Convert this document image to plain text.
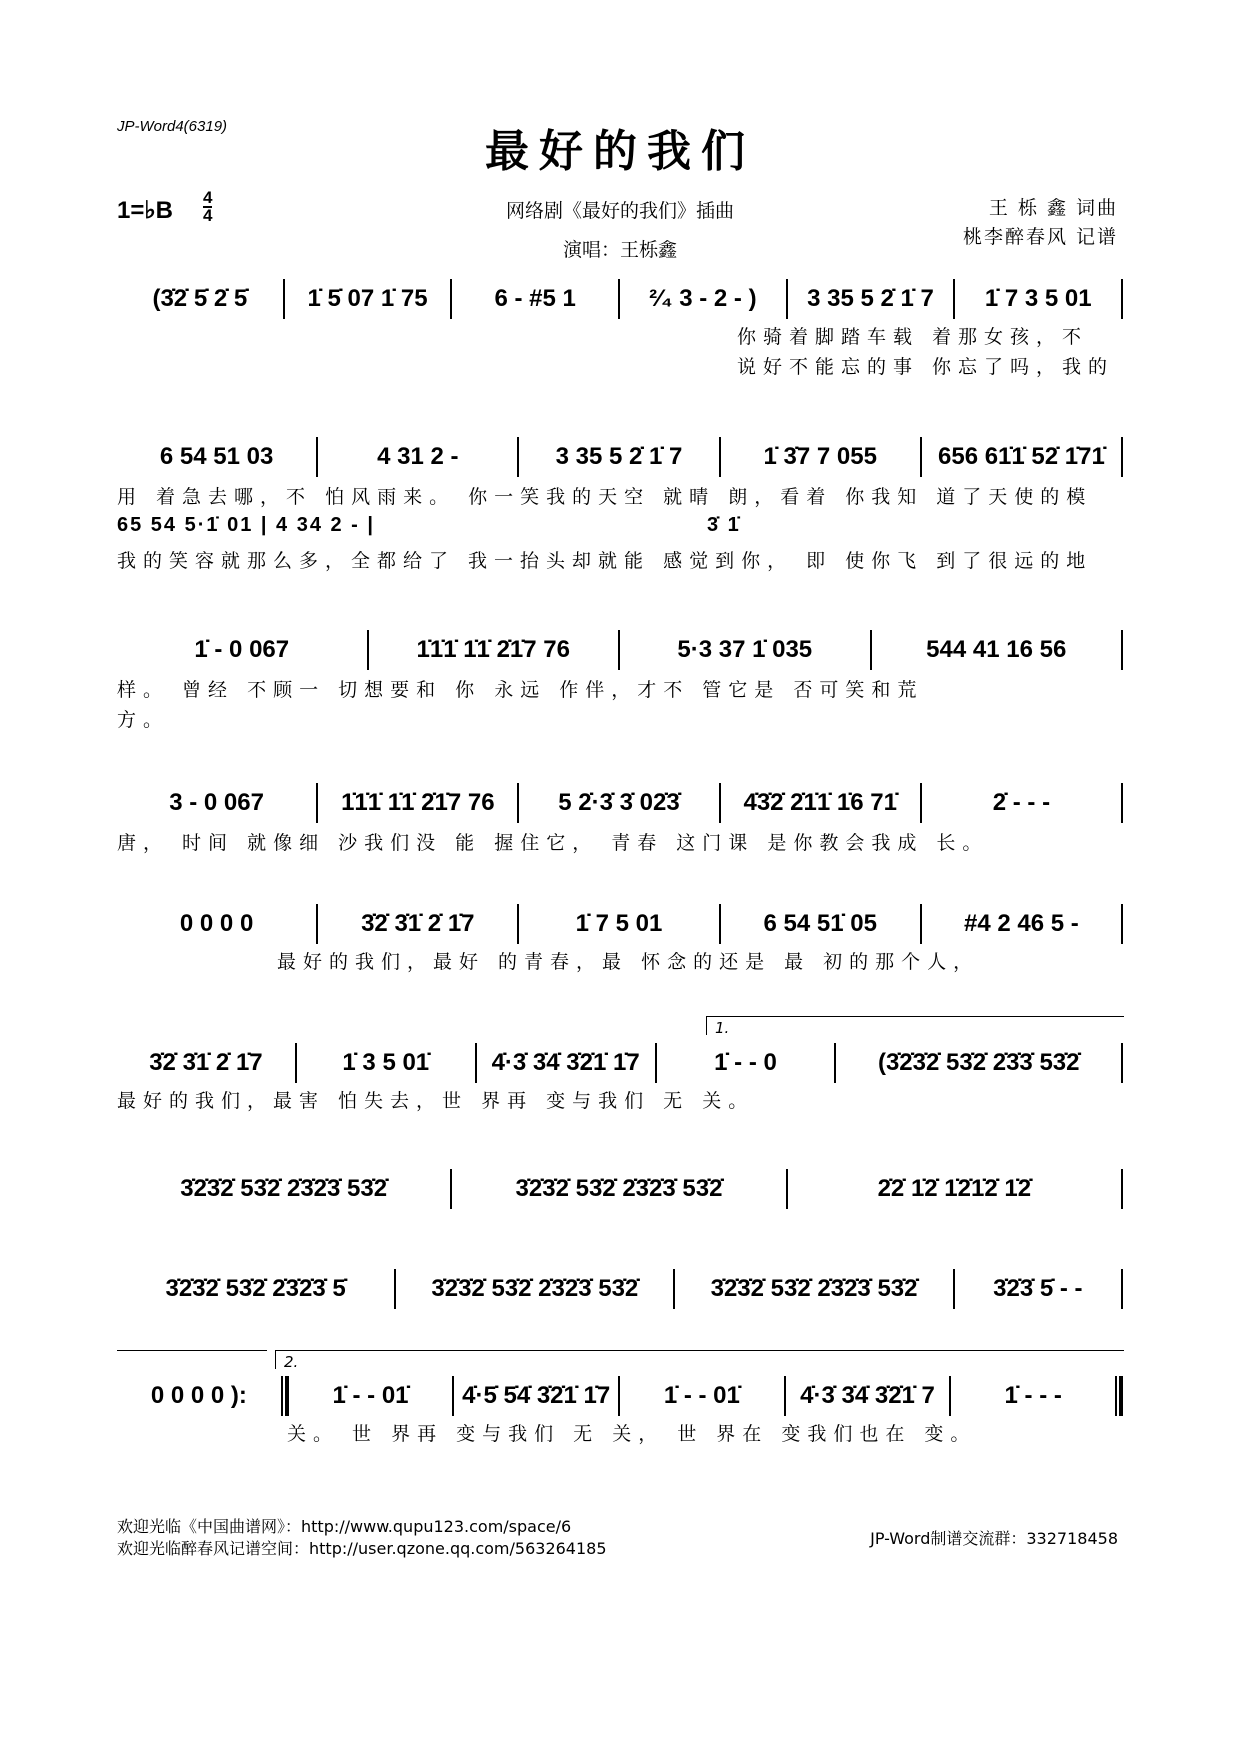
JP-Word4(6319)	最好的我们
1=♭B 4
4	网络剧《最好的我们》插曲
演唱：王栎鑫
王 栎 鑫 词曲
桃李醉春风 记谱
(3̇2̇ 5̇ 2̇ 5̇	1̇ 5̇ 07 1̇ 75	6 - #5 1	²⁄₄ 3 - 2 - )	3 35 5 2̇ 1̇ 7	1̇ 7 3 5 01
你骑着脚踏车载 着那女孩，不
说好不能忘的事 你忘了吗，我的
6 54 51 03	4 31 2 -	3 35 5 2̇ 1̇ 7	1̇ 3̇7 7 055	656 61̇1̇ 52̇ 1̇71̇
用 着急去哪，不 怕风雨来。 你一笑我的天空 就晴 朗，看着 你我知 道了天使的模
65 54 5·1̇ 01 | 4 34 2 - |	3̇ 1̇
我的笑容就那么多，全都给了 我一抬头却就能 感觉到你， 即 使你飞 到了很远的地
1̇ - 0 067	1̇1̇1̇ 1̇1̇ 2̇1̇7 76	5·3 37 1̇ 035	544 41 16 56
样。 曾经 不顾一 切想要和 你 永远 作伴，才不 管它是 否可笑和荒
方。
3 - 0 067	1̇1̇1̇ 1̇1̇ 2̇1̇7 76	5 2̇·3̇ 3̇ 02̇3̇	4̇3̇2̇ 2̇1̇1̇ 1̇6 71̇	2̇ - - -
唐， 时间 就像细 沙我们没 能 握住它， 青春 这门课 是你教会我成 长。
0 0 0 0	3̇2̇ 3̇1̇ 2̇ 1̇7	1̇ 7 5 01	6 54 51̇ 05	#4 2 46 5 -
最好的我们，最好 的青春，最 怀念的还是 最 初的那个人，
1.
3̇2̇ 3̇1̇ 2̇ 1̇7	1̇ 3 5 01̇	4̇·3̇ 3̇4̇ 3̇2̇1̇ 1̇7	1̇ - - 0	(3̇2̇3̇2̇ 53̇2̇ 2̇3̇3̇ 53̇2̇
最好的我们，最害 怕失去，世 界再 变与我们 无 关。
3̇2̇3̇2̇ 53̇2̇ 2̇3̇2̇3̇ 53̇2̇	3̇2̇3̇2̇ 53̇2̇ 2̇3̇2̇3̇ 53̇2̇	2̇2̇ 1̇2̇ 1̇2̇1̇2̇ 1̇2̇
3̇2̇3̇2̇ 53̇2̇ 2̇3̇2̇3̇ 5̇	3̇2̇3̇2̇ 53̇2̇ 2̇3̇2̇3̇ 53̇2̇	3̇2̇3̇2̇ 53̇2̇ 2̇3̇2̇3̇ 53̇2̇	3̇2̇3̇ 5̇ - -
2.
0 0 0 0 ):	1̇ - - 01̇	4̇·5̇ 5̇4̇ 3̇2̇1̇ 1̇7	1̇ - - 01̇	4̇·3̇ 3̇4̇ 3̇2̇1̇ 7	1̇ - - -
关。 世 界再 变与我们 无 关， 世 界在 变我们也在 变。
欢迎光临《中国曲谱网》：http://www.qupu123.com/space/6
欢迎光临醉春风记谱空间：http://user.qzone.qq.com/563264185
JP-Word制谱交流群：332718458
